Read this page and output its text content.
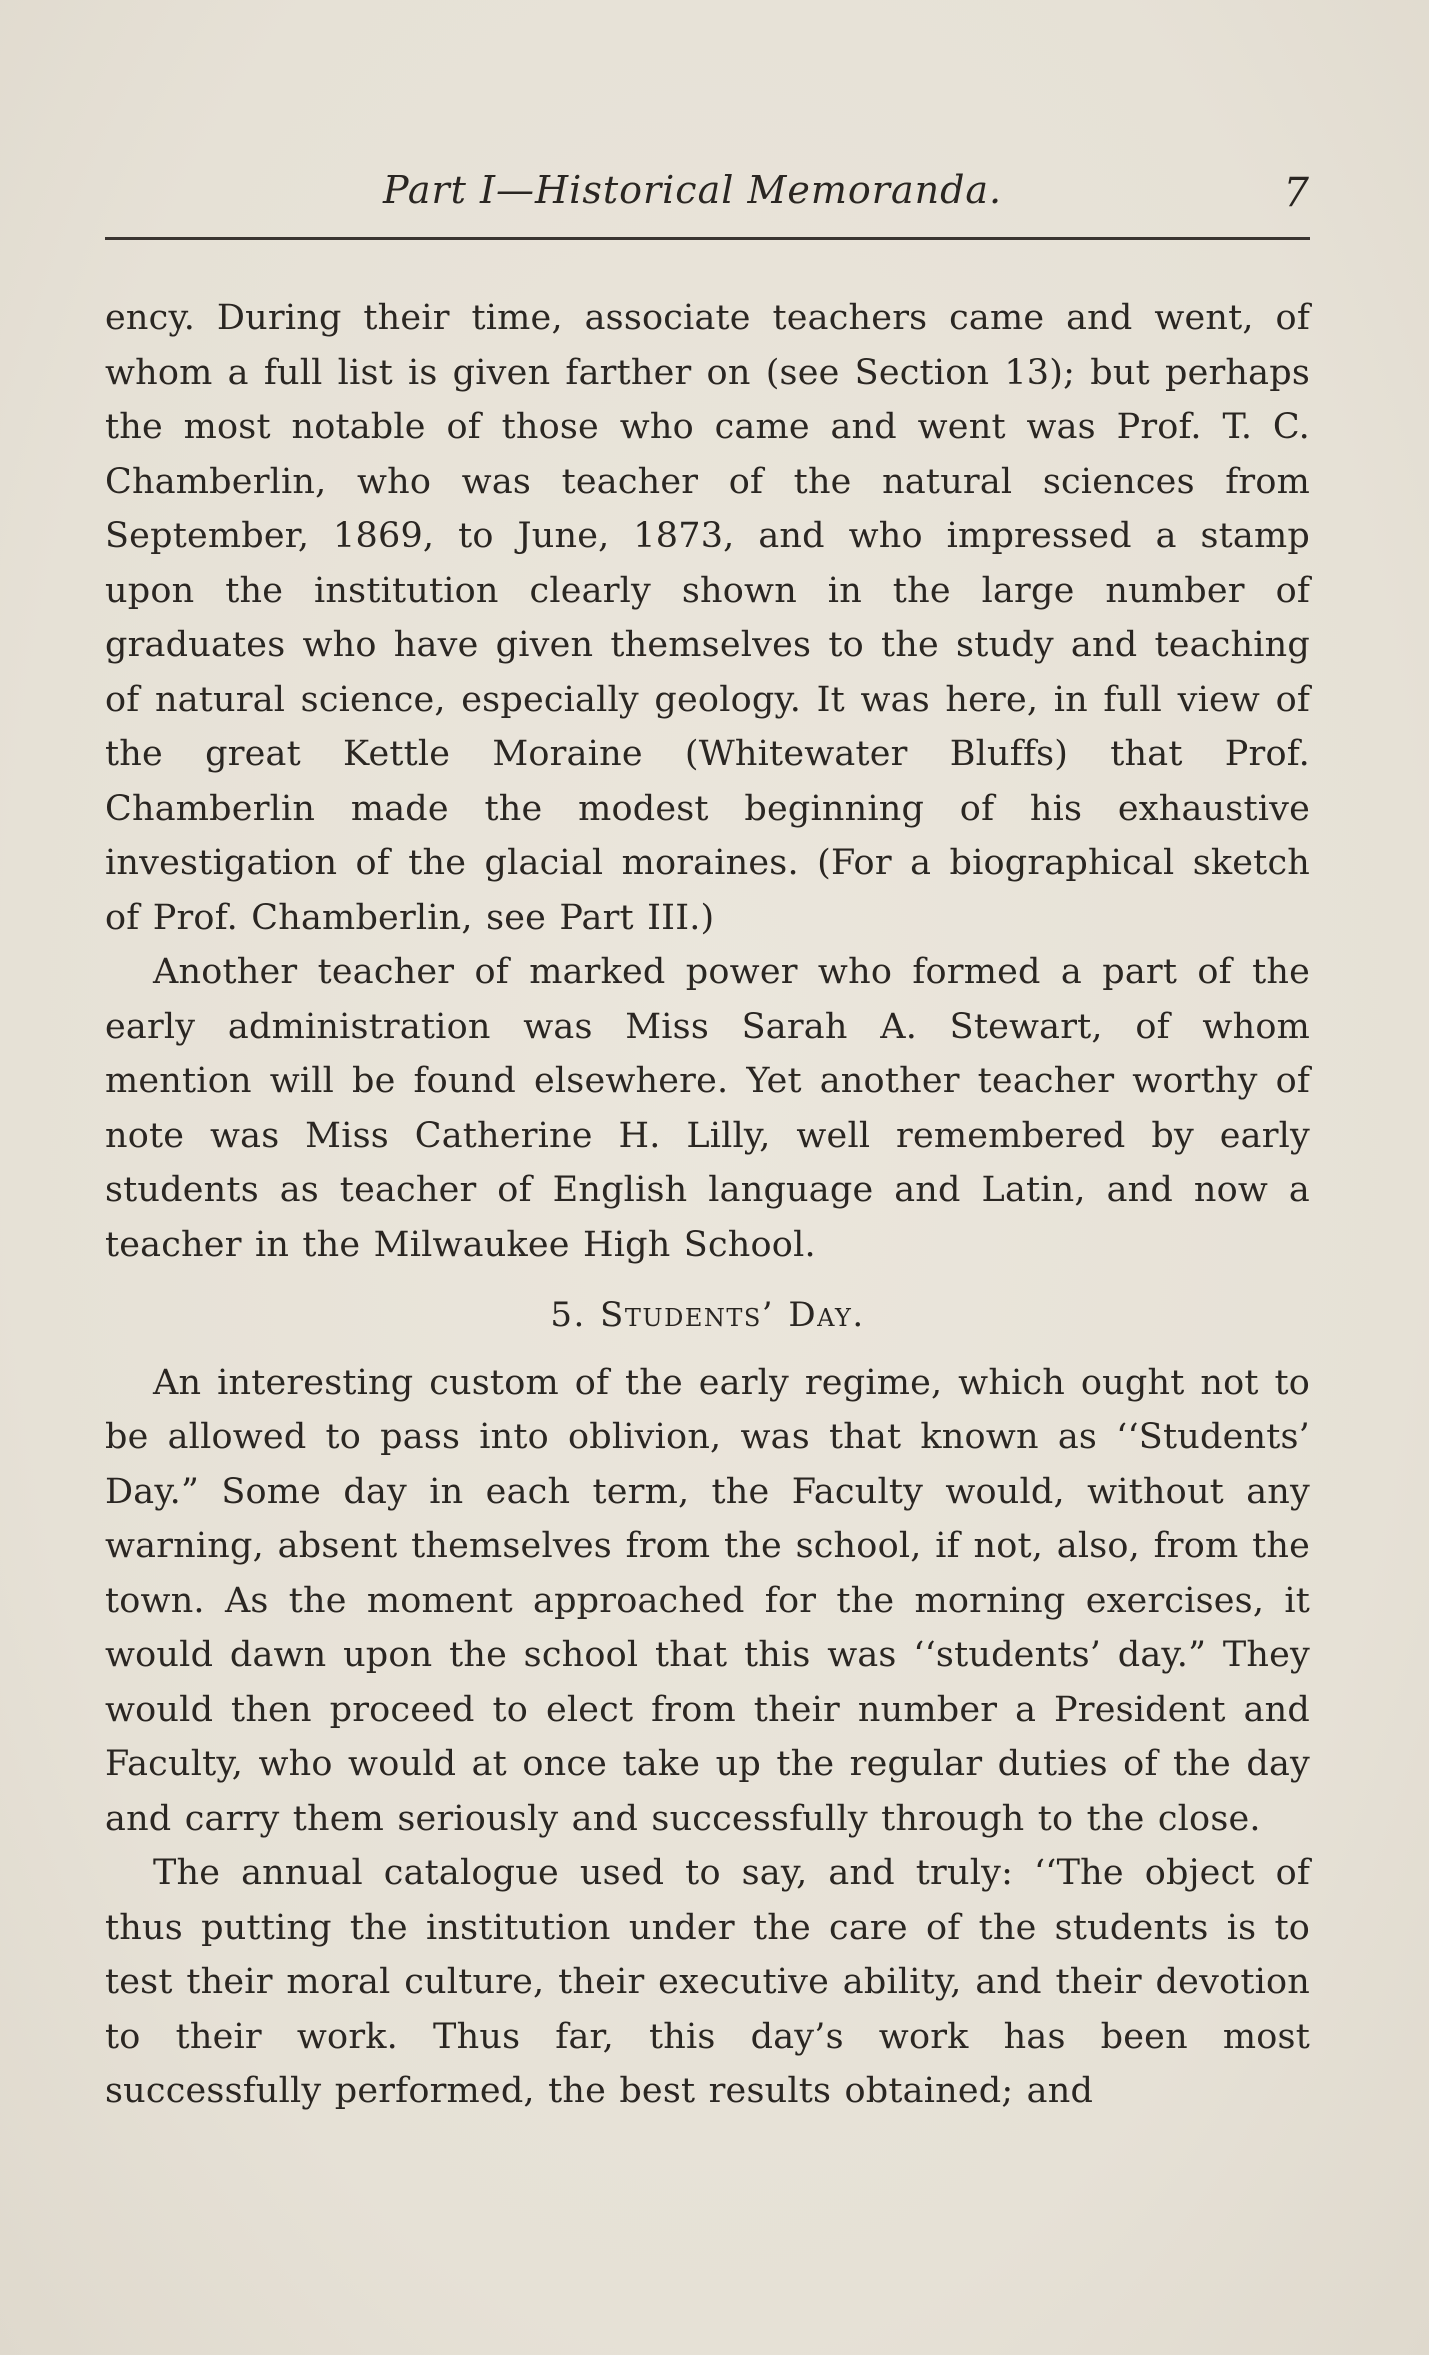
Part I—Historical Memoranda.	7

ency. During their time, associate teachers came and went, of whom a full list is given farther on (see Section 13); but perhaps the most notable of those who came and went was Prof. T. C. Chamberlin, who was teacher of the natural sciences from September, 1869, to June, 1873, and who impressed a stamp upon the institution clearly shown in the large number of graduates who have given themselves to the study and teaching of natural science, especially geology. It was here, in full view of the great Kettle Moraine (Whitewater Bluffs) that Prof. Chamberlin made the modest beginning of his exhaustive investigation of the glacial moraines. (For a biographical sketch of Prof. Chamberlin, see Part III.)

Another teacher of marked power who formed a part of the early administration was Miss Sarah A. Stewart, of whom mention will be found elsewhere. Yet another teacher worthy of note was Miss Catherine H. Lilly, well remembered by early students as teacher of English language and Latin, and now a teacher in the Milwaukee High School.

5. Students’ Day.

An interesting custom of the early regime, which ought not to be allowed to pass into oblivion, was that known as ‘‘Students’ Day.” Some day in each term, the Faculty would, without any warning, absent themselves from the school, if not, also, from the town. As the moment approached for the morning exercises, it would dawn upon the school that this was ‘‘students’ day.” They would then proceed to elect from their number a President and Faculty, who would at once take up the regular duties of the day and carry them seriously and successfully through to the close.

The annual catalogue used to say, and truly: ‘‘The object of thus putting the institution under the care of the students is to test their moral culture, their executive ability, and their devotion to their work. Thus far, this day’s work has been most successfully performed, the best results obtained; and
